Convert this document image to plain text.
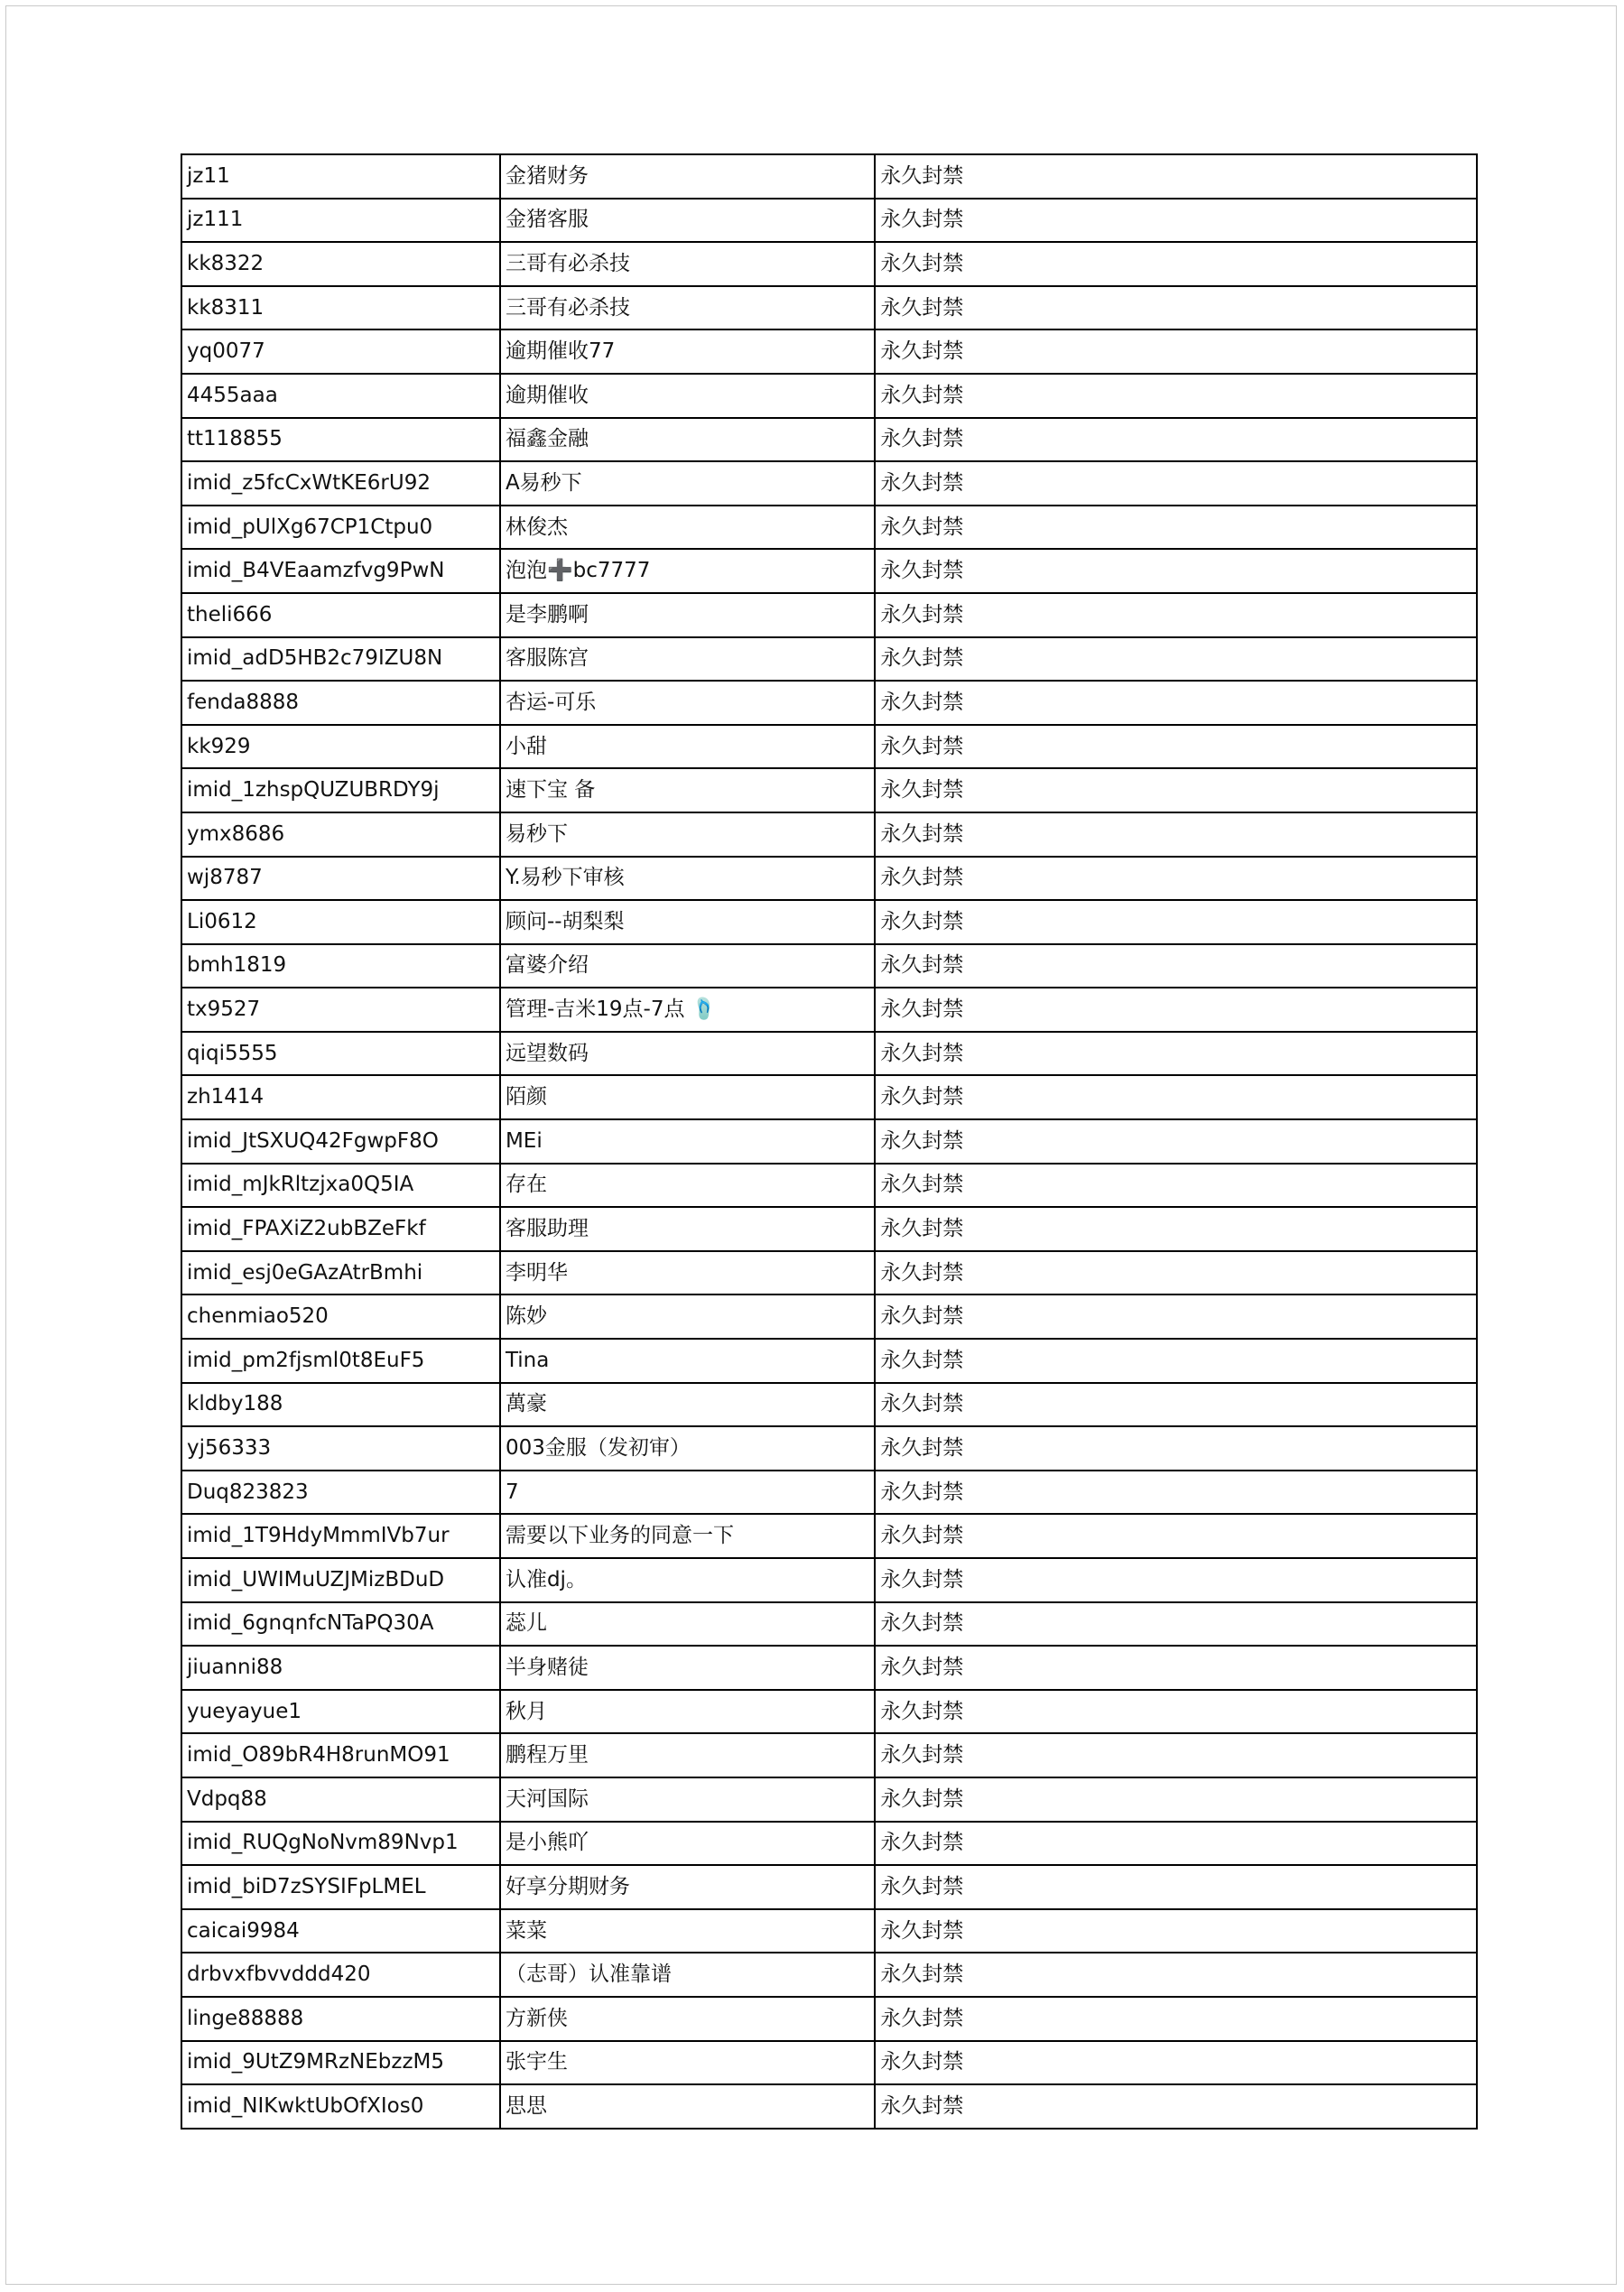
jz11	金猪财务	永久封禁
jz111	金猪客服	永久封禁
kk8322	三哥有必杀技	永久封禁
kk8311	三哥有必杀技	永久封禁
yq0077	逾期催收77	永久封禁
4455aaa	逾期催收	永久封禁
tt118855	福鑫金融	永久封禁
imid_z5fcCxWtKE6rU92	A易秒下	永久封禁
imid_pUlXg67CP1Ctpu0	林俊杰	永久封禁
imid_B4VEaamzfvg9PwN	泡泡➕bc7777	永久封禁
theli666	是李鹏啊	永久封禁
imid_adD5HB2c79IZU8N	客服陈宫	永久封禁
fenda8888	杏运-可乐	永久封禁
kk929	小甜	永久封禁
imid_1zhspQUZUBRDY9j	速下宝 备	永久封禁
ymx8686	易秒下	永久封禁
wj8787	Y.易秒下审核	永久封禁
Li0612	顾问--胡梨梨	永久封禁
bmh1819	富婆介绍	永久封禁
tx9527	管理-吉米19点-7点 🩴	永久封禁
qiqi5555	远望数码	永久封禁
zh1414	陌颜	永久封禁
imid_JtSXUQ42FgwpF8O	MEi	永久封禁
imid_mJkRltzjxa0Q5IA	存在	永久封禁
imid_FPAXiZ2ubBZeFkf	客服助理	永久封禁
imid_esj0eGAzAtrBmhi	李明华	永久封禁
chenmiao520	陈妙	永久封禁
imid_pm2fjsml0t8EuF5	Tina	永久封禁
kldby188	萬豪	永久封禁
yj56333	003金服（发初审）	永久封禁
Duq823823	7	永久封禁
imid_1T9HdyMmmIVb7ur	需要以下业务的同意一下	永久封禁
imid_UWIMuUZJMizBDuD	认准dj。	永久封禁
imid_6gnqnfcNTaPQ30A	蕊儿	永久封禁
jiuanni88	半身赌徒	永久封禁
yueyayue1	秋月	永久封禁
imid_O89bR4H8runMO91	鹏程万里	永久封禁
Vdpq88	天河国际	永久封禁
imid_RUQgNoNvm89Nvp1	是小熊吖	永久封禁
imid_biD7zSYSIFpLMEL	好享分期财务	永久封禁
caicai9984	菜菜	永久封禁
drbvxfbvvddd420	（志哥）认准靠谱	永久封禁
linge88888	方新侠	永久封禁
imid_9UtZ9MRzNEbzzM5	张宇生	永久封禁
imid_NIKwktUbOfXIos0	思思	永久封禁
